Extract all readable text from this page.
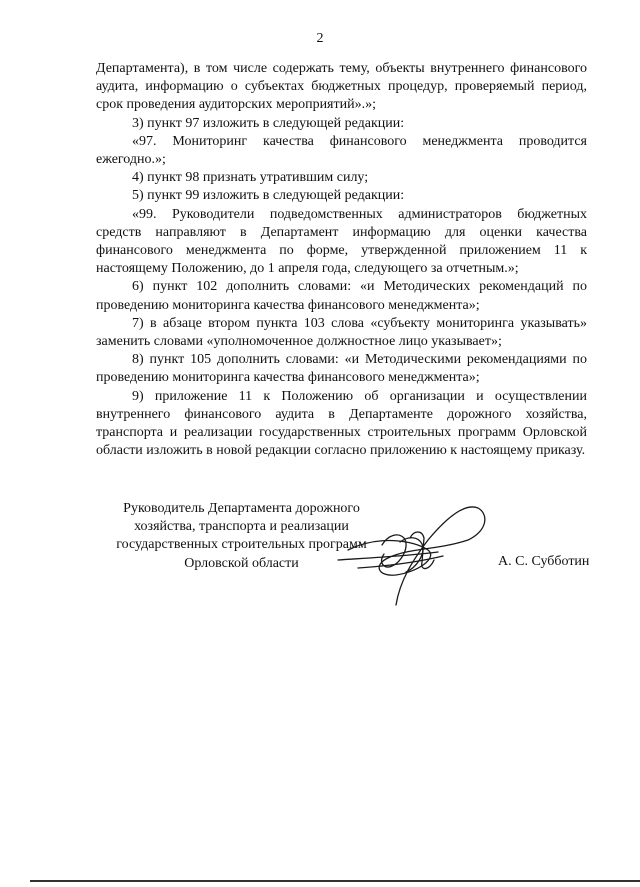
2

Департамента), в том числе содержать тему, объекты внутреннего финансового аудита, информацию о субъектах бюджетных процедур, проверяемый период, срок проведения аудиторских мероприятий».»;

3) пункт 97 изложить в следующей редакции:

«97. Мониторинг качества финансового менеджмента проводится ежегодно.»;

4) пункт 98 признать утратившим силу;

5) пункт 99 изложить в следующей редакции:

«99. Руководители подведомственных администраторов бюджетных средств направляют в Департамент информацию для оценки качества финансового менеджмента по форме, утвержденной приложением 11 к настоящему Положению, до 1 апреля года, следующего за отчетным.»;

6) пункт 102 дополнить словами: «и Методических рекомендаций по проведению мониторинга качества финансового менеджмента»;

7) в абзаце втором пункта 103 слова «субъекту мониторинга указывать» заменить словами «уполномоченное должностное лицо указывает»;

8) пункт 105 дополнить словами: «и Методическими рекомендациями по проведению мониторинга качества финансового менеджмента»;

9) приложение 11 к Положению об организации и осуществлении внутреннего финансового аудита в Департаменте дорожного хозяйства, транспорта и реализации государственных строительных программ Орловской области изложить в новой редакции согласно приложению к настоящему приказу.

Руководитель Департамента дорожного
хозяйства, транспорта и реализации
государственных строительных программ
Орловской области	А. С. Субботин
